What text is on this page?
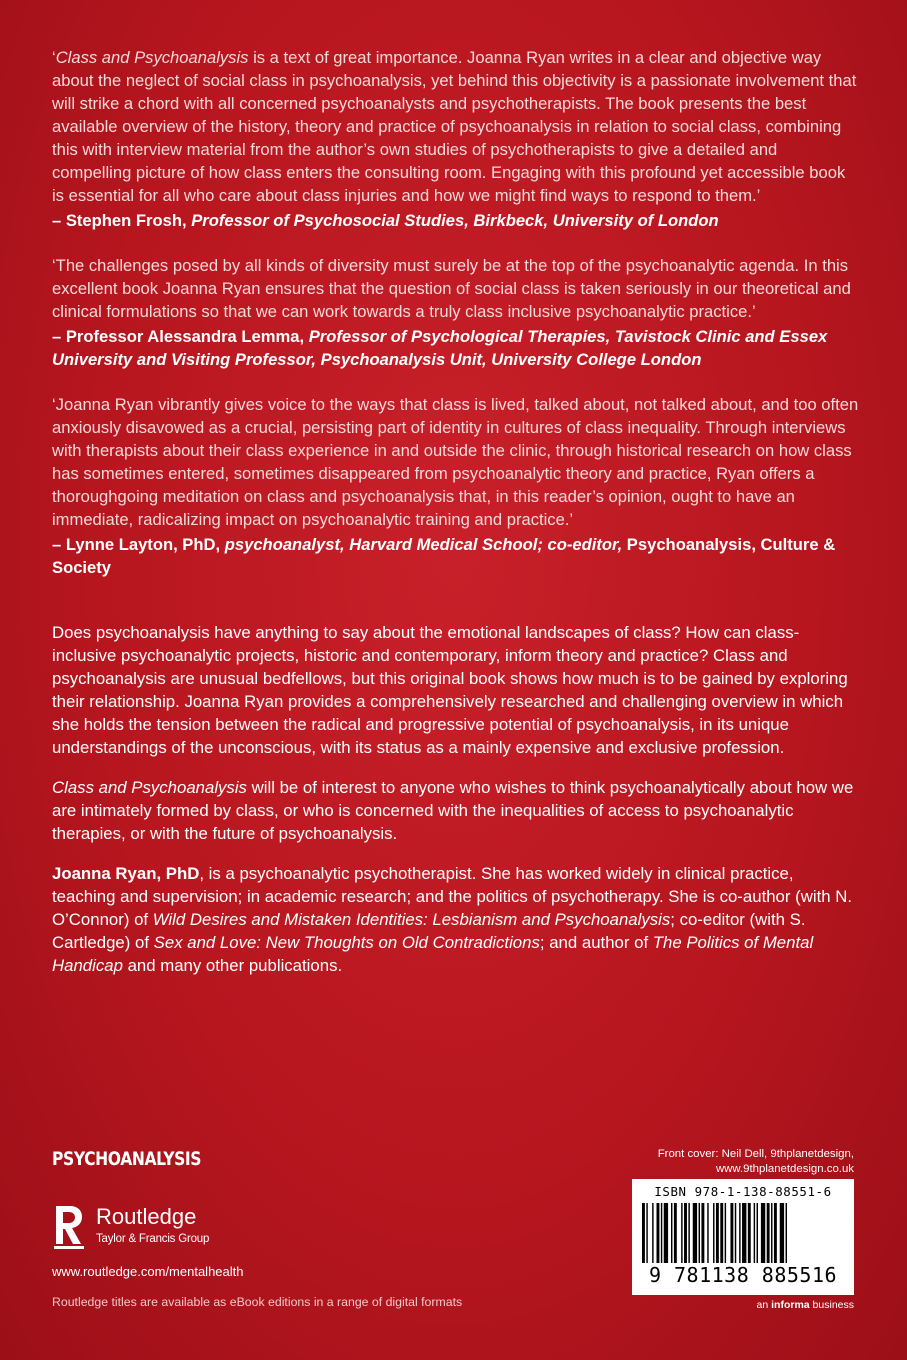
‘Class and Psychoanalysis is a text of great importance. Joanna Ryan writes in a clear and objective way about the neglect of social class in psychoanalysis, yet behind this objectivity is a passionate involvement that will strike a chord with all concerned psychoanalysts and psychotherapists. The book presents the best available overview of the history, theory and practice of psychoanalysis in relation to social class, combining this with interview material from the author’s own studies of psychotherapists to give a detailed and compelling picture of how class enters the consulting room. Engaging with this profound yet accessible book is essential for all who care about class injuries and how we might find ways to respond to them.’

– Stephen Frosh, Professor of Psychosocial Studies, Birkbeck, University of London

‘The challenges posed by all kinds of diversity must surely be at the top of the psychoanalytic agenda. In this excellent book Joanna Ryan ensures that the question of social class is taken seriously in our theoretical and clinical formulations so that we can work towards a truly class inclusive psychoanalytic practice.’

– Professor Alessandra Lemma, Professor of Psychological Therapies, Tavistock Clinic and Essex University and Visiting Professor, Psychoanalysis Unit, University College London

‘Joanna Ryan vibrantly gives voice to the ways that class is lived, talked about, not talked about, and too often anxiously disavowed as a crucial, persisting part of identity in cultures of class inequality. Through interviews with therapists about their class experience in and outside the clinic, through historical research on how class has sometimes entered, sometimes disappeared from psychoanalytic theory and practice, Ryan offers a thoroughgoing meditation on class and psychoanalysis that, in this reader’s opinion, ought to have an immediate, radicalizing impact on psychoanalytic training and practice.’

– Lynne Layton, PhD, psychoanalyst, Harvard Medical School; co-editor, Psychoanalysis, Culture & Society

Does psychoanalysis have anything to say about the emotional landscapes of class? How can class-inclusive psychoanalytic projects, historic and contemporary, inform theory and practice? Class and psychoanalysis are unusual bedfellows, but this original book shows how much is to be gained by exploring their relationship. Joanna Ryan provides a comprehensively researched and challenging overview in which she holds the tension between the radical and progressive potential of psychoanalysis, in its unique understandings of the unconscious, with its status as a mainly expensive and exclusive profession.

Class and Psychoanalysis will be of interest to anyone who wishes to think psychoanalytically about how we are intimately formed by class, or who is concerned with the inequalities of access to psychoanalytic therapies, or with the future of psychoanalysis.

Joanna Ryan, PhD, is a psychoanalytic psychotherapist. She has worked widely in clinical practice, teaching and supervision; in academic research; and the politics of psychotherapy. She is co-author (with N. O’Connor) of Wild Desires and Mistaken Identities: Lesbianism and Psychoanalysis; co-editor (with S. Cartledge) of Sex and Love: New Thoughts on Old Contradictions; and author of The Politics of Mental Handicap and many other publications.

PSYCHOANALYSIS
Routledge
Taylor & Francis Group
www.routledge.com/mentalhealth
Routledge titles are available as eBook editions in a range of digital formats
Front cover: Neil Dell, 9thplanetdesign,
www.9thplanetdesign.co.uk
ISBN 978-1-138-88551-6
9 781138 885516
an informa business
